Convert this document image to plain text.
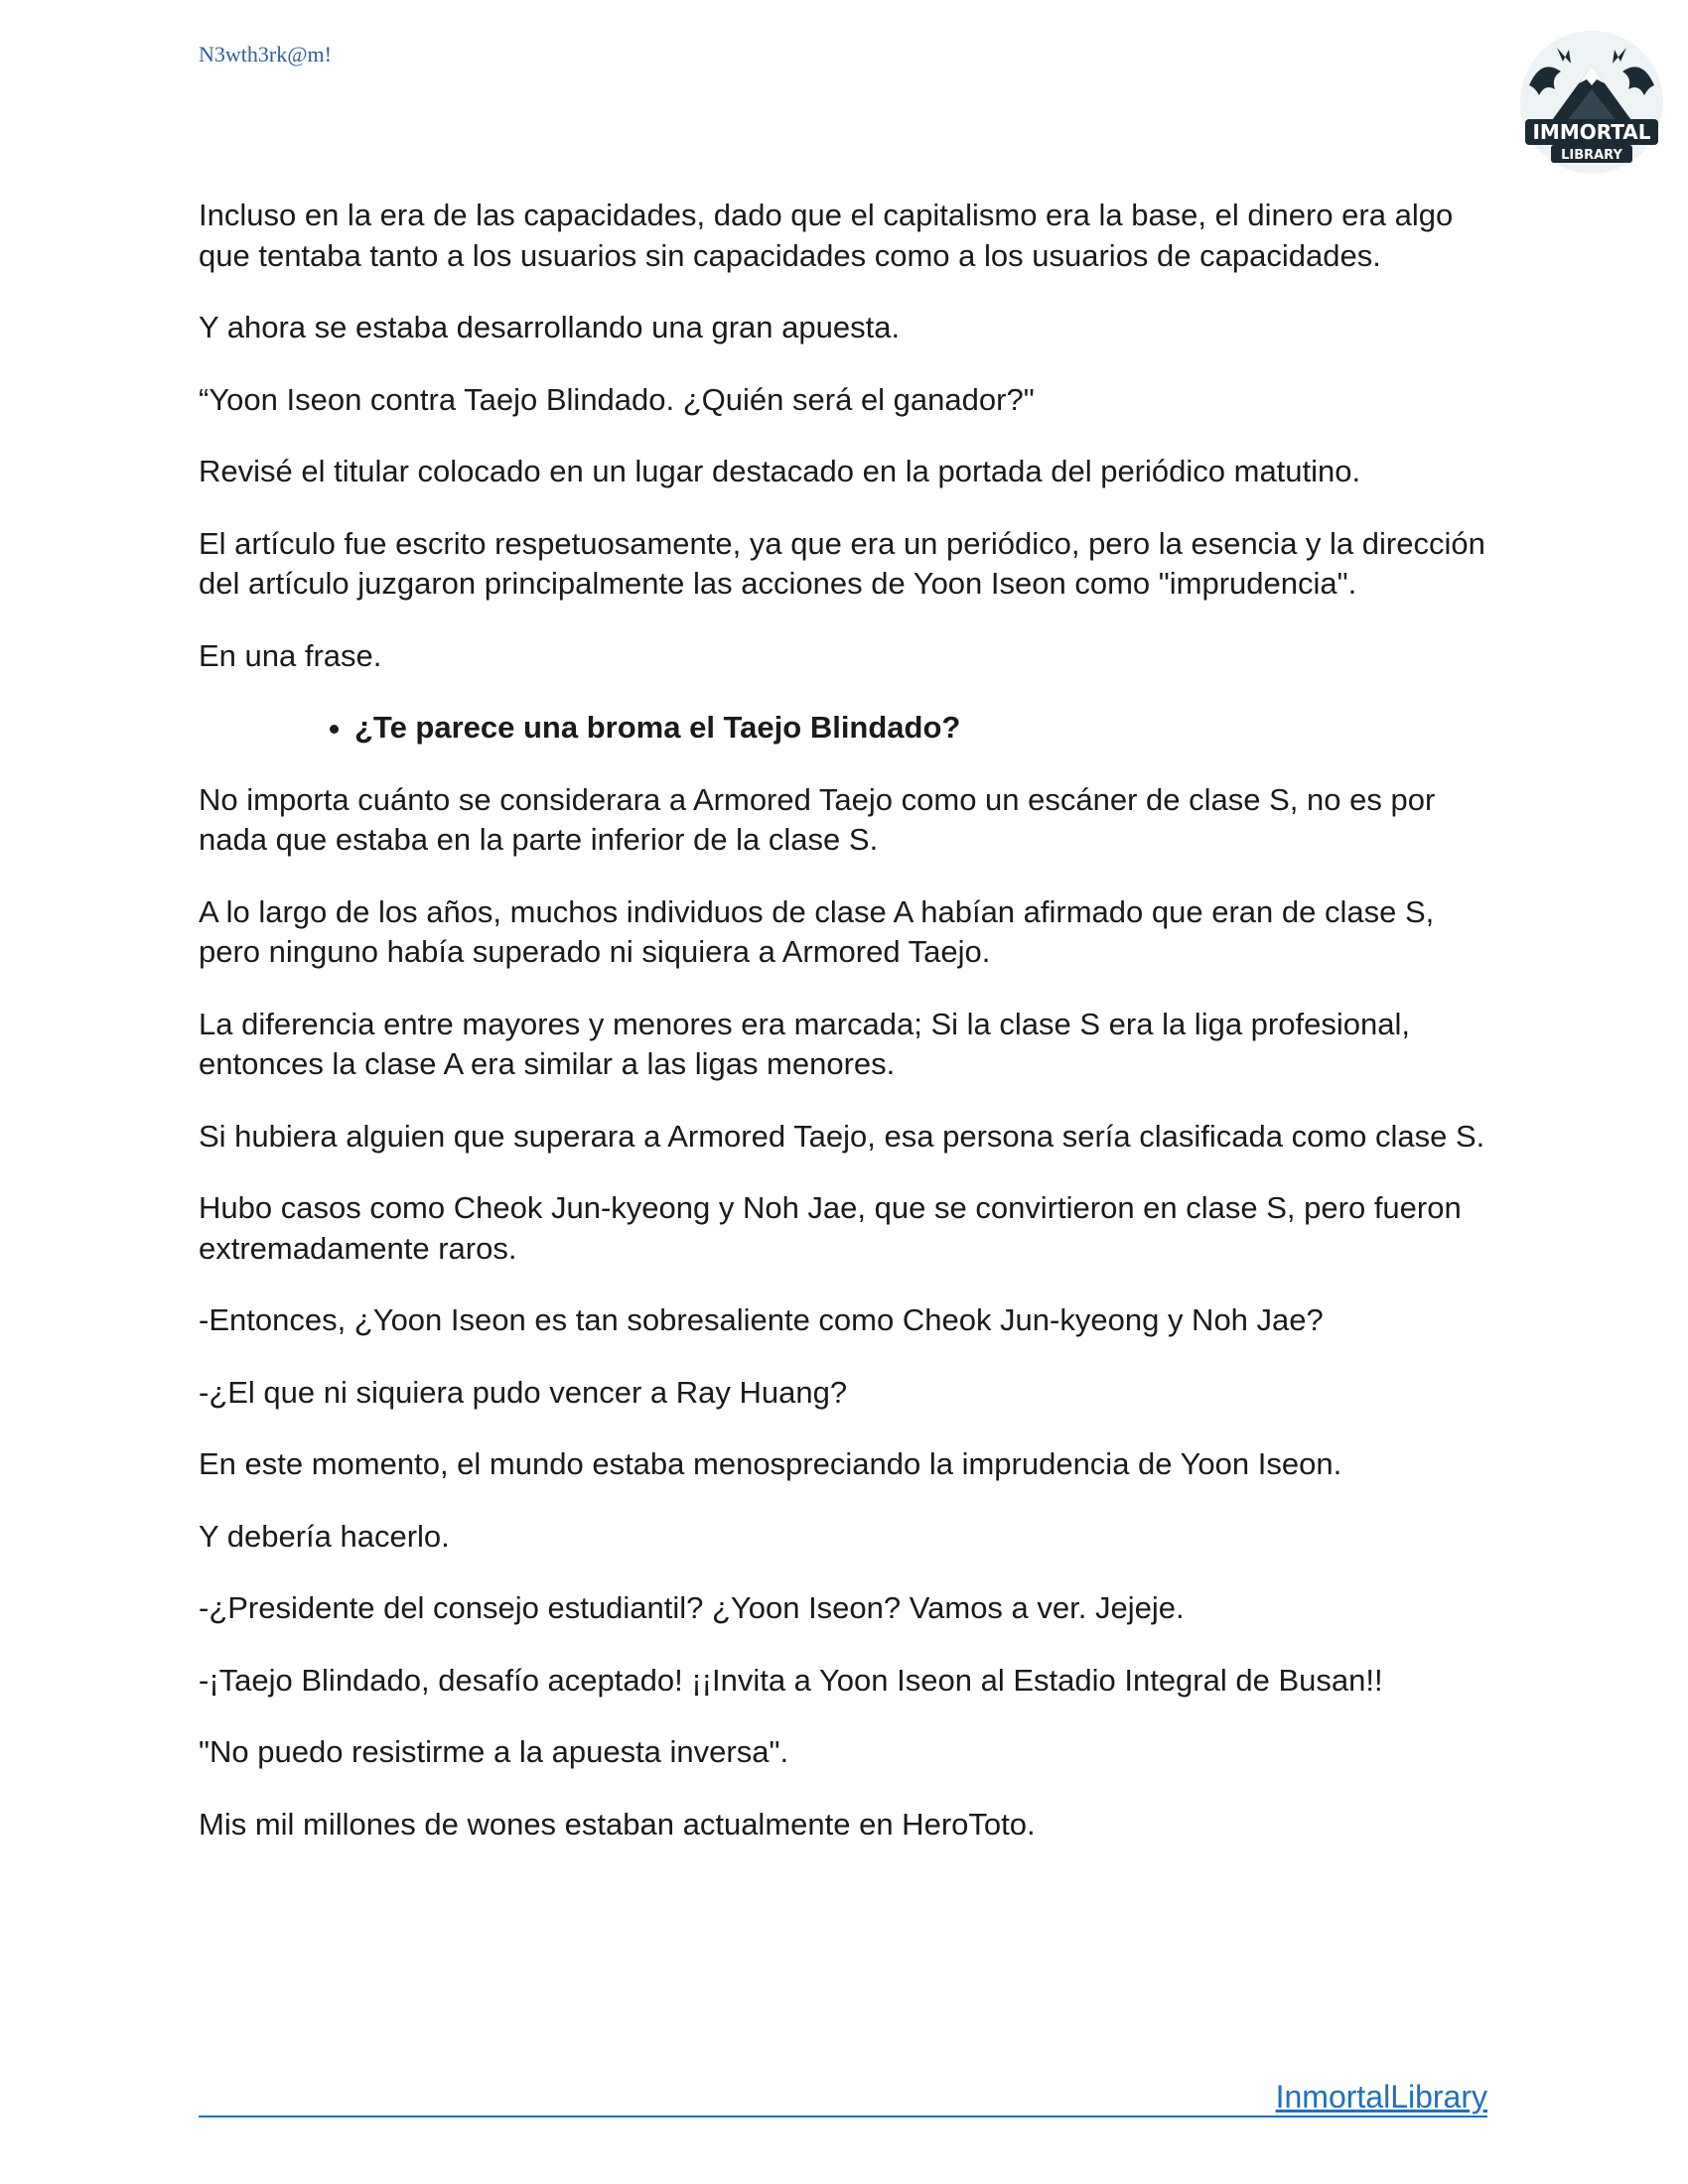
N3wth3rk@m!
IMMORTAL
LIBRARY

Incluso en la era de las capacidades, dado que el capitalismo era la base, el dinero era algo que tentaba tanto a los usuarios sin capacidades como a los usuarios de capacidades.

Y ahora se estaba desarrollando una gran apuesta.

“Yoon Iseon contra Taejo Blindado. ¿Quién será el ganador?"

Revisé el titular colocado en un lugar destacado en la portada del periódico matutino.

El artículo fue escrito respetuosamente, ya que era un periódico, pero la esencia y la dirección del artículo juzgaron principalmente las acciones de Yoon Iseon como "imprudencia".

En una frase.

• ¿Te parece una broma el Taejo Blindado?

No importa cuánto se considerara a Armored Taejo como un escáner de clase S, no es por nada que estaba en la parte inferior de la clase S.

A lo largo de los años, muchos individuos de clase A habían afirmado que eran de clase S, pero ninguno había superado ni siquiera a Armored Taejo.

La diferencia entre mayores y menores era marcada; Si la clase S era la liga profesional, entonces la clase A era similar a las ligas menores.

Si hubiera alguien que superara a Armored Taejo, esa persona sería clasificada como clase S.

Hubo casos como Cheok Jun-kyeong y Noh Jae, que se convirtieron en clase S, pero fueron extremadamente raros.

-Entonces, ¿Yoon Iseon es tan sobresaliente como Cheok Jun-kyeong y Noh Jae?

-¿El que ni siquiera pudo vencer a Ray Huang?

En este momento, el mundo estaba menospreciando la imprudencia de Yoon Iseon.

Y debería hacerlo.

-¿Presidente del consejo estudiantil? ¿Yoon Iseon? Vamos a ver. Jejeje.

-¡Taejo Blindado, desafío aceptado! ¡¡Invita a Yoon Iseon al Estadio Integral de Busan!!

"No puedo resistirme a la apuesta inversa".

Mis mil millones de wones estaban actualmente en HeroToto.

InmortalLibrary
